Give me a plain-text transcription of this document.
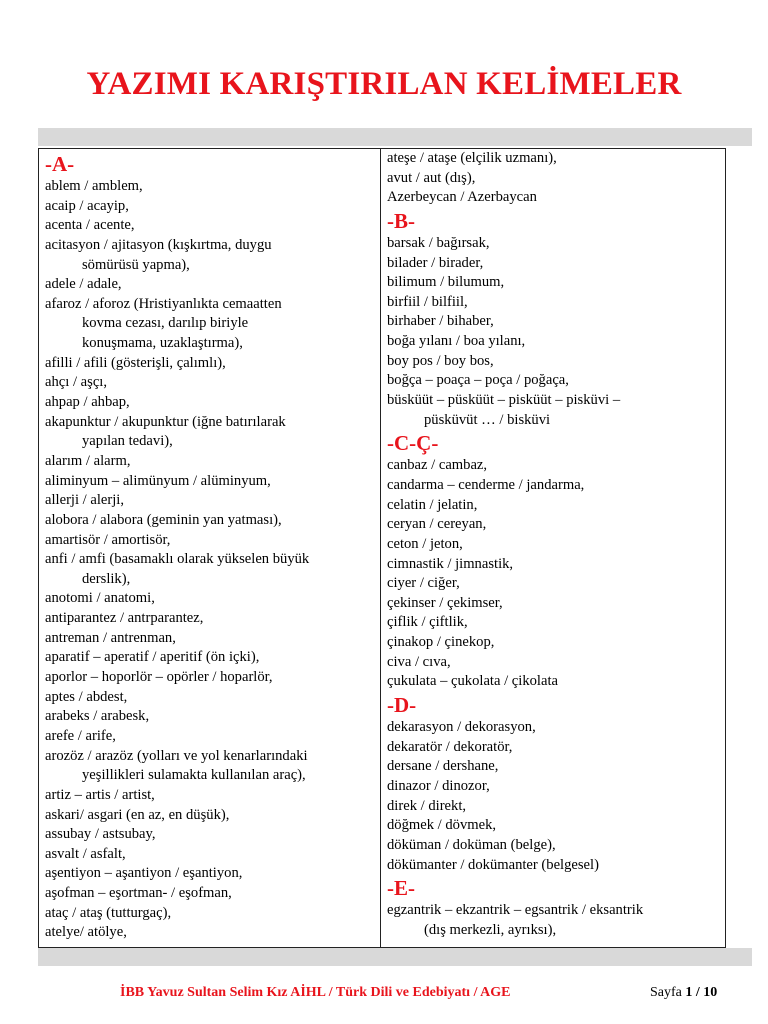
YAZIMI KARIŞTIRILAN KELİMELER
-A-
ablem / amblem,
acaip / acayip,
acenta / acente,
acitasyon / ajitasyon (kışkırtma, duygu
sömürüsü yapma),
adele / adale,
afaroz / aforoz (Hristiyanlıkta cemaatten
kovma cezası, darılıp biriyle
konuşmama, uzaklaştırma),
afilli / afili (gösterişli, çalımlı),
ahçı / aşçı,
ahpap / ahbap,
akapunktur / akupunktur (iğne batırılarak
yapılan tedavi),
alarım / alarm,
aliminyum – alimünyum / alüminyum,
allerji / alerji,
alobora / alabora (geminin yan yatması),
amartisör / amortisör,
anfi / amfi (basamaklı olarak yükselen büyük
derslik),
anotomi / anatomi,
antiparantez / antrparantez,
antreman / antrenman,
aparatif – aperatif / aperitif (ön içki),
aporlor – hoporlör – opörler / hoparlör,
aptes / abdest,
arabeks / arabesk,
arefe / arife,
arozöz / arazöz (yolları ve yol kenarlarındaki
yeşillikleri sulamakta kullanılan araç),
artiz – artis / artist,
askari/ asgari (en az, en düşük),
assubay / astsubay,
asvalt / asfalt,
aşentiyon – aşantiyon / eşantiyon,
aşofman – eşortman- / eşofman,
ataç / ataş (tutturgaç),
atelye/ atölye,
ateşe / ataşe (elçilik uzmanı),
avut / aut (dış),
Azerbeycan / Azerbaycan
-B-
barsak / bağırsak,
bilader / birader,
bilimum / bilumum,
birfiil / bilfiil,
birhaber / bihaber,
boğa yılanı / boa yılanı,
boy pos / boy bos,
boğça – poaça – poça / poğaça,
büsküüt – püsküüt – pisküüt – pisküvi –
püsküvüt … / bisküvi
-C-Ç-
canbaz / cambaz,
candarma – cenderme / jandarma,
celatin / jelatin,
ceryan / cereyan,
ceton / jeton,
cimnastik / jimnastik,
ciyer / ciğer,
çekinser / çekimser,
çiflik / çiftlik,
çinakop / çinekop,
civa / cıva,
çukulata – çukolata / çikolata
-D-
dekarasyon / dekorasyon,
dekaratör / dekoratör,
dersane / dershane,
dinazor / dinozor,
direk / direkt,
döğmek / dövmek,
döküman / doküman (belge),
dökümanter / dokümanter (belgesel)
-E-
egzantrik – ekzantrik – egsantrik / eksantrik
(dış merkezli, ayrıksı),
İBB Yavuz Sultan Selim Kız AİHL / Türk Dili ve Edebiyatı / AGE	Sayfa 1 / 10
